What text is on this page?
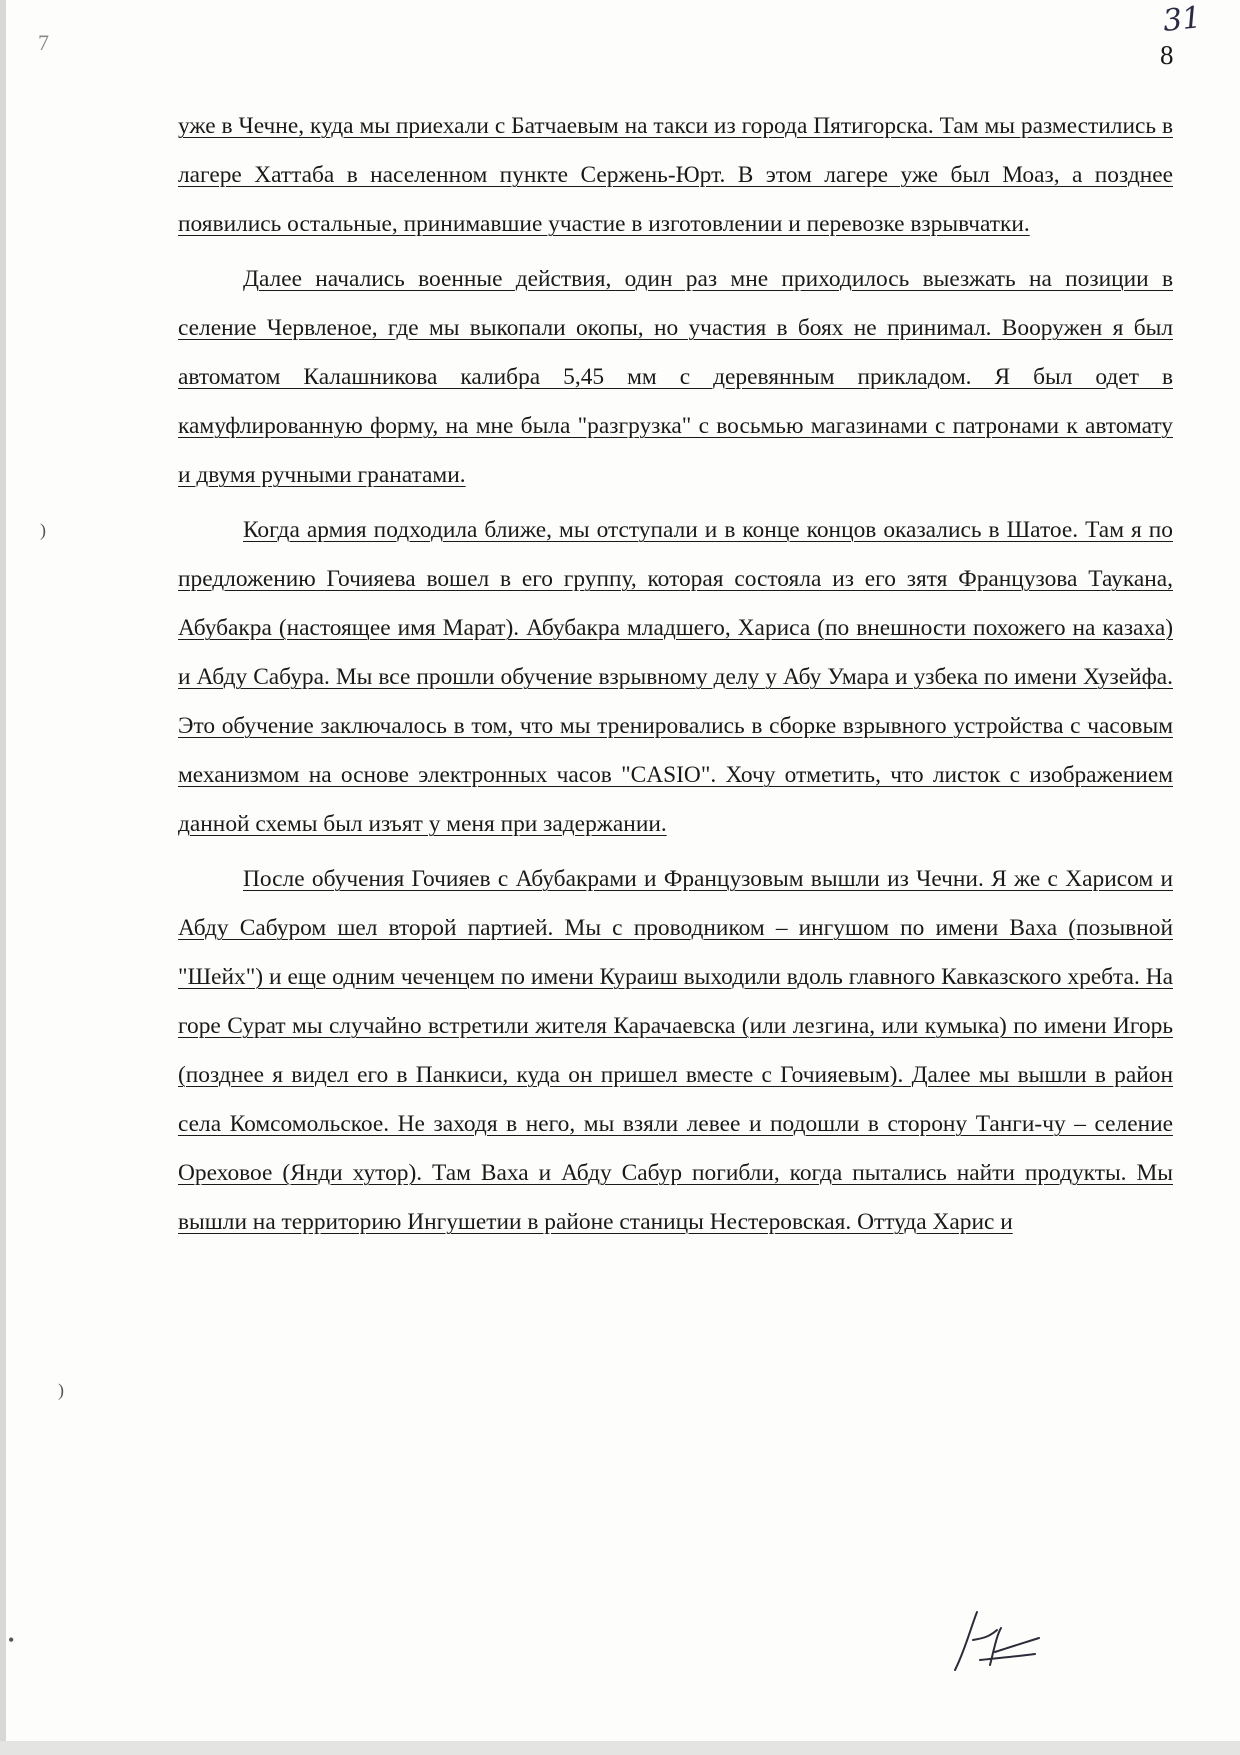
7
31
8

уже в Чечне, куда мы приехали с Батчаевым на такси из города Пятигорска. Там мы разместились в лагере Хаттаба в населенном пункте Сержень-Юрт. В этом лагере уже был Моаз, а позднее появились остальные, принимавшие участие в изготовлении и перевозке взрывчатки.

Далее начались военные действия, один раз мне приходилось выезжать на позиции в селение Червленое, где мы выкопали окопы, но участия в боях не принимал. Вооружен я был автоматом Калашникова калибра 5,45 мм с деревянным прикладом. Я был одет в камуфлированную форму, на мне была "разгрузка" с восьмью магазинами с патронами к автомату и двумя ручными гранатами.

Когда армия подходила ближе, мы отступали и в конце концов оказались в Шатое. Там я по предложению Гочияева вошел в его группу, которая состояла из его зятя Французова Таукана, Абубакра (настоящее имя Марат). Абубакра младшего, Хариса (по внешности похожего на казаха) и Абду Сабура. Мы все прошли обучение взрывному делу у Абу Умара и узбека по имени Хузейфа. Это обучение заключалось в том, что мы тренировались в сборке взрывного устройства с часовым механизмом на основе электронных часов "CASIO". Хочу отметить, что листок с изображением данной схемы был изъят у меня при задержании.

После обучения Гочияев с Абубакрами и Французовым вышли из Чечни. Я же с Харисом и Абду Сабуром шел второй партией. Мы с проводником – ингушом по имени Ваха (позывной "Шейх") и еще одним чеченцем по имени Кураиш выходили вдоль главного Кавказского хребта. На горе Сурат мы случайно встретили жителя Карачаевска (или лезгина, или кумыка) по имени Игорь (позднее я видел его в Панкиси, куда он пришел вместе с Гочияевым). Далее мы вышли в район села Комсомольское. Не заходя в него, мы взяли левее и подошли в сторону Танги-чу – селение Ореховое (Янди хутор). Там Ваха и Абду Сабур погибли, когда пытались найти продукты. Мы вышли на территорию Ингушетии в районе станицы Нестеровская. Оттуда Харис и

)
)
•
